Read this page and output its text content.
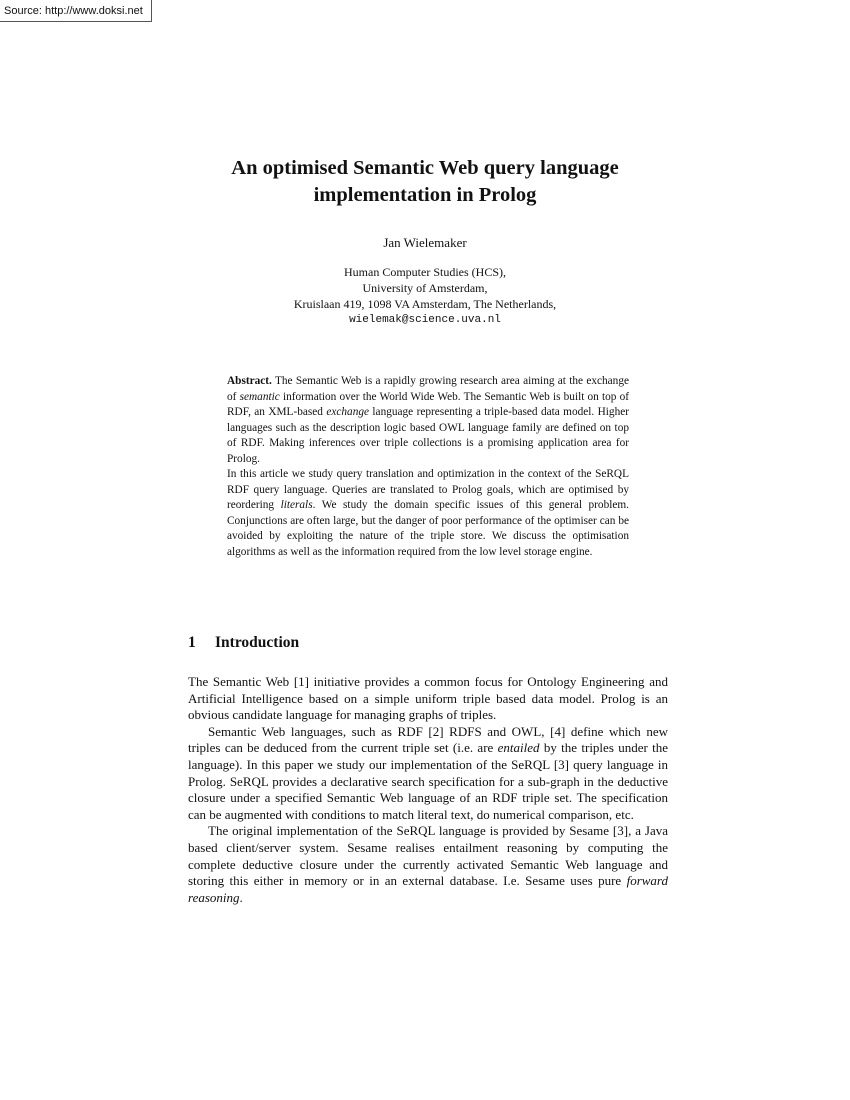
Source: http://www.doksi.net
An optimised Semantic Web query language
implementation in Prolog
Jan Wielemaker
Human Computer Studies (HCS),
University of Amsterdam,
Kruislaan 419, 1098 VA Amsterdam, The Netherlands,
wielemak@science.uva.nl

Abstract. The Semantic Web is a rapidly growing research area aiming at the exchange of semantic information over the World Wide Web. The Semantic Web is built on top of RDF, an XML-based exchange language representing a triple-based data model. Higher languages such as the description logic based OWL language family are defined on top of RDF. Making inferences over triple collections is a promising application area for Prolog.

In this article we study query translation and optimization in the context of the SeRQL RDF query language. Queries are translated to Prolog goals, which are optimised by reordering literals. We study the domain specific issues of this general problem. Conjunctions are often large, but the danger of poor performance of the optimiser can be avoided by exploiting the nature of the triple store. We discuss the optimisation algorithms as well as the information required from the low level storage engine.

1 Introduction

The Semantic Web [1] initiative provides a common focus for Ontology Engineering and Artificial Intelligence based on a simple uniform triple based data model. Prolog is an obvious candidate language for managing graphs of triples.

Semantic Web languages, such as RDF [2] RDFS and OWL, [4] define which new triples can be deduced from the current triple set (i.e. are entailed by the triples under the language). In this paper we study our implementation of the SeRQL [3] query language in Prolog. SeRQL provides a declarative search specification for a sub-graph in the deductive closure under a specified Semantic Web language of an RDF triple set. The specification can be augmented with conditions to match literal text, do numerical comparison, etc.

The original implementation of the SeRQL language is provided by Sesame [3], a Java based client/server system. Sesame realises entailment reasoning by computing the complete deductive closure under the currently activated Semantic Web language and storing this either in memory or in an external database. I.e. Sesame uses pure forward reasoning.
